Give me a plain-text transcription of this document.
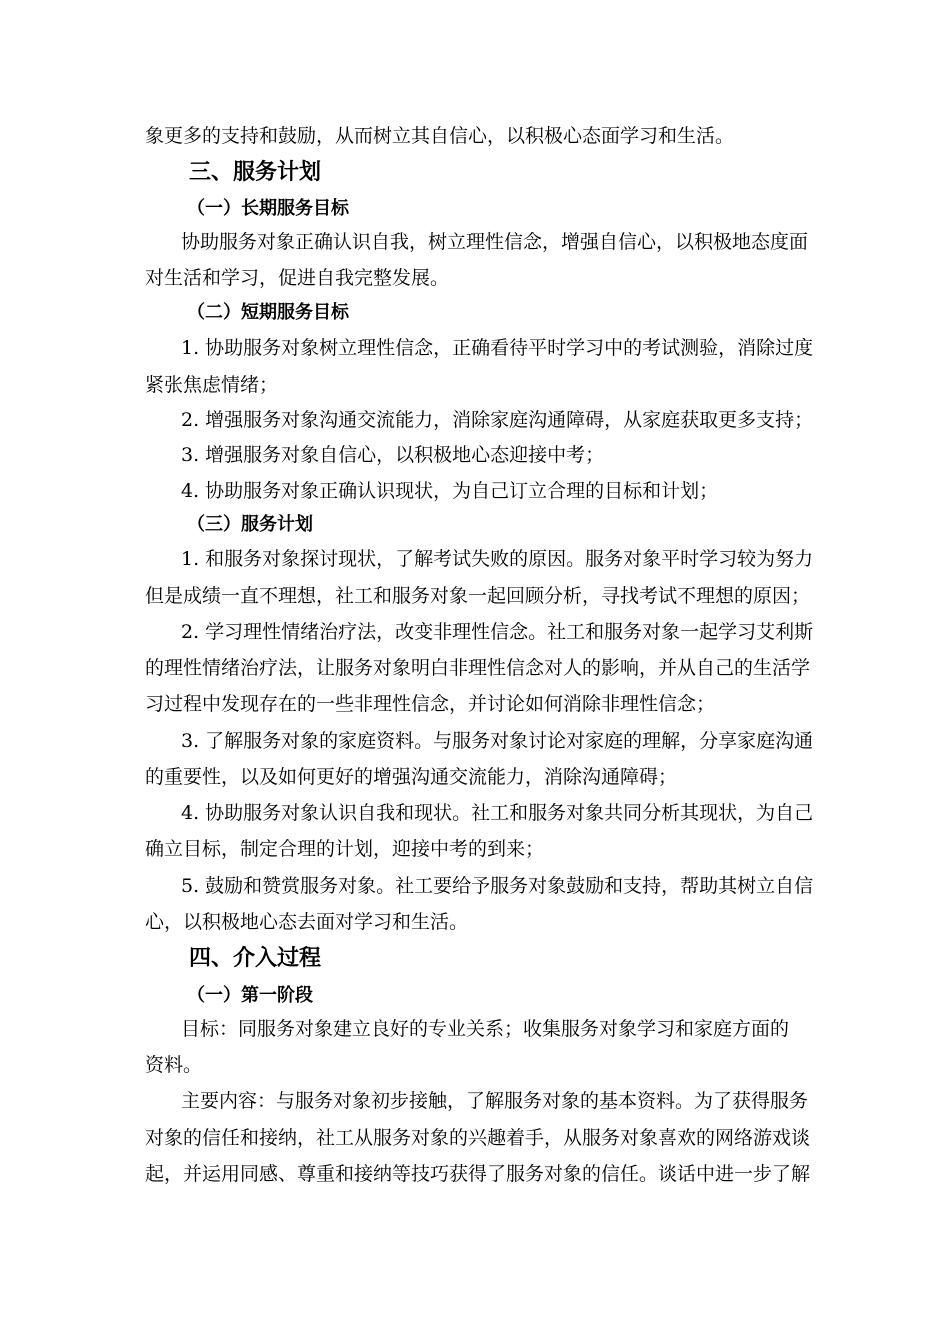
象更多的支持和鼓励，从而树立其自信心，以积极心态面学习和生活。
三、服务计划
（一）长期服务目标
协助服务对象正确认识自我，树立理性信念，增强自信心，以积极地态度面
对生活和学习，促进自我完整发展。
（二）短期服务目标
1. 协助服务对象树立理性信念，正确看待平时学习中的考试测验，消除过度
紧张焦虑情绪；
2. 增强服务对象沟通交流能力，消除家庭沟通障碍，从家庭获取更多支持；
3. 增强服务对象自信心，以积极地心态迎接中考；
4. 协助服务对象正确认识现状，为自己订立合理的目标和计划；
（三）服务计划
1. 和服务对象探讨现状，了解考试失败的原因。服务对象平时学习较为努力
但是成绩一直不理想，社工和服务对象一起回顾分析，寻找考试不理想的原因；
2. 学习理性情绪治疗法，改变非理性信念。社工和服务对象一起学习艾利斯
的理性情绪治疗法，让服务对象明白非理性信念对人的影响，并从自己的生活学
习过程中发现存在的一些非理性信念，并讨论如何消除非理性信念；
3. 了解服务对象的家庭资料。与服务对象讨论对家庭的理解，分享家庭沟通
的重要性，以及如何更好的增强沟通交流能力，消除沟通障碍；
4. 协助服务对象认识自我和现状。社工和服务对象共同分析其现状，为自己
确立目标，制定合理的计划，迎接中考的到来；
5. 鼓励和赞赏服务对象。社工要给予服务对象鼓励和支持，帮助其树立自信
心，以积极地心态去面对学习和生活。
四、介入过程
（一）第一阶段
目标：同服务对象建立良好的专业关系；收集服务对象学习和家庭方面的
资料。
主要内容：与服务对象初步接触，了解服务对象的基本资料。为了获得服务
对象的信任和接纳，社工从服务对象的兴趣着手，从服务对象喜欢的网络游戏谈
起，并运用同感、尊重和接纳等技巧获得了服务对象的信任。谈话中进一步了解
